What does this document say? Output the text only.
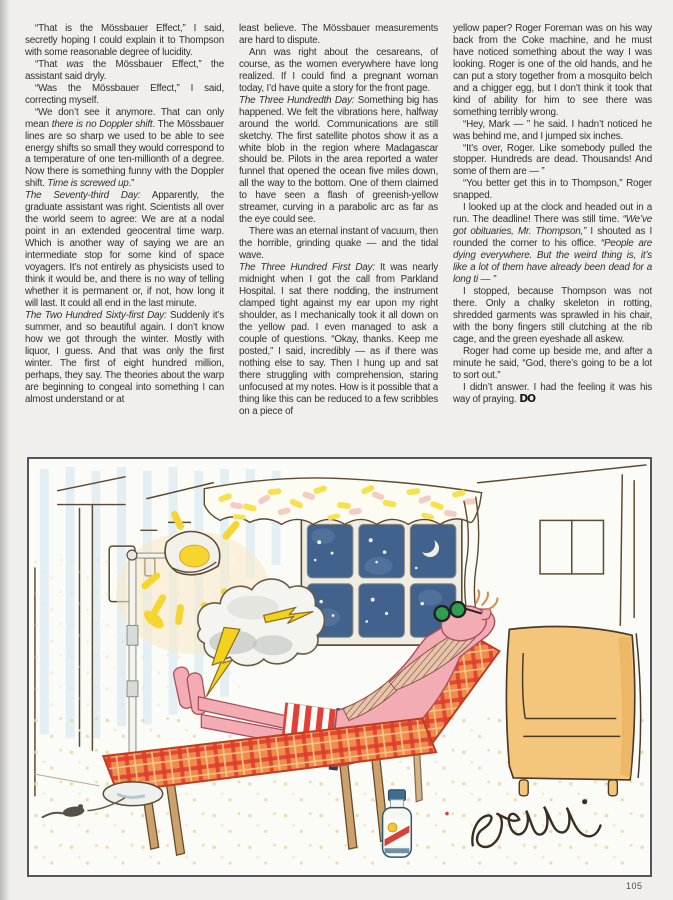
“That is the Mössbauer Effect,” I said, secretly hoping I could explain it to Thompson with some reasonable degree of lucidity.

“That was the Mössbauer Effect,” the assistant said dryly.

“Was the Mössbauer Effect,” I said, correcting myself.

“We don’t see it anymore. That can only mean there is no Doppler shift. The Mössbauer lines are so sharp we used to be able to see energy shifts so small they would correspond to a temperature of one ten-millionth of a degree. Now there is something funny with the Doppler shift. Time is screwed up.”

The Seventy-third Day: Apparently, the graduate assistant was right. Scientists all over the world seem to agree: We are at a nodal point in an extended geocentral time warp. Which is another way of saying we are an intermediate stop for some kind of space voyagers. It’s not entirely as physicists used to think it would be, and there is no way of telling whether it is permanent or, if not, how long it will last. It could all end in the last minute.

The Two Hundred Sixty-first Day: Suddenly it’s summer, and so beautiful again. I don’t know how we got through the winter. Mostly with liquor, I guess. And that was only the first winter. The first of eight hundred million, perhaps, they say. The theories about the warp are beginning to congeal into something I can almost understand or at

least believe. The Mössbauer measurements are hard to dispute.

Ann was right about the cesareans, of course, as the women everywhere have long realized. If I could find a pregnant woman today, I’d have quite a story for the front page.

The Three Hundredth Day: Something big has happened. We felt the vibrations here, halfway around the world. Communications are still sketchy. The first satellite photos show it as a white blob in the region where Madagascar should be. Pilots in the area reported a water funnel that opened the ocean five miles down, all the way to the bottom. One of them claimed to have seen a flash of greenish-yellow streamer, curving in a parabolic arc as far as the eye could see.

There was an eternal instant of vacuum, then the horrible, grinding quake — and the tidal wave.

The Three Hundred First Day: It was nearly midnight when I got the call from Parkland Hospital. I sat there nodding, the instrument clamped tight against my ear upon my right shoulder, as I mechanically took it all down on the yellow pad. I even managed to ask a couple of questions. “Okay, thanks. Keep me posted,” I said, incredibly — as if there was nothing else to say. Then I hung up and sat there struggling with comprehension, staring unfocused at my notes. How is it possible that a thing like this can be reduced to a few scribbles on a piece of

yellow paper? Roger Foreman was on his way back from the Coke machine, and he must have noticed something about the way I was looking. Roger is one of the old hands, and he can put a story together from a mosquito belch and a chigger egg, but I don’t think it took that kind of ability for him to see there was something terribly wrong.

“Hey, Mark — ” he said. I hadn’t noticed he was behind me, and I jumped six inches.

“It’s over, Roger. Like somebody pulled the stopper. Hundreds are dead. Thousands! And some of them are — ”

“You better get this in to Thompson,” Roger snapped.

I looked up at the clock and headed out in a run. The deadline! There was still time. “We’ve got obituaries, Mr. Thompson,” I shouted as I rounded the corner to his office. “People are dying everywhere. But the weird thing is, it’s like a lot of them have already been dead for a long ti — ”

I stopped, because Thompson was not there. Only a chalky skeleton in rotting, shredded garments was sprawled in his chair, with the bony fingers still clutching at the rib cage, and the green eyeshade all askew.

Roger had come up beside me, and after a minute he said, “God, there’s going to be a lot to sort out.”

I didn’t answer. I had the feeling it was his way of praying. DO

105
